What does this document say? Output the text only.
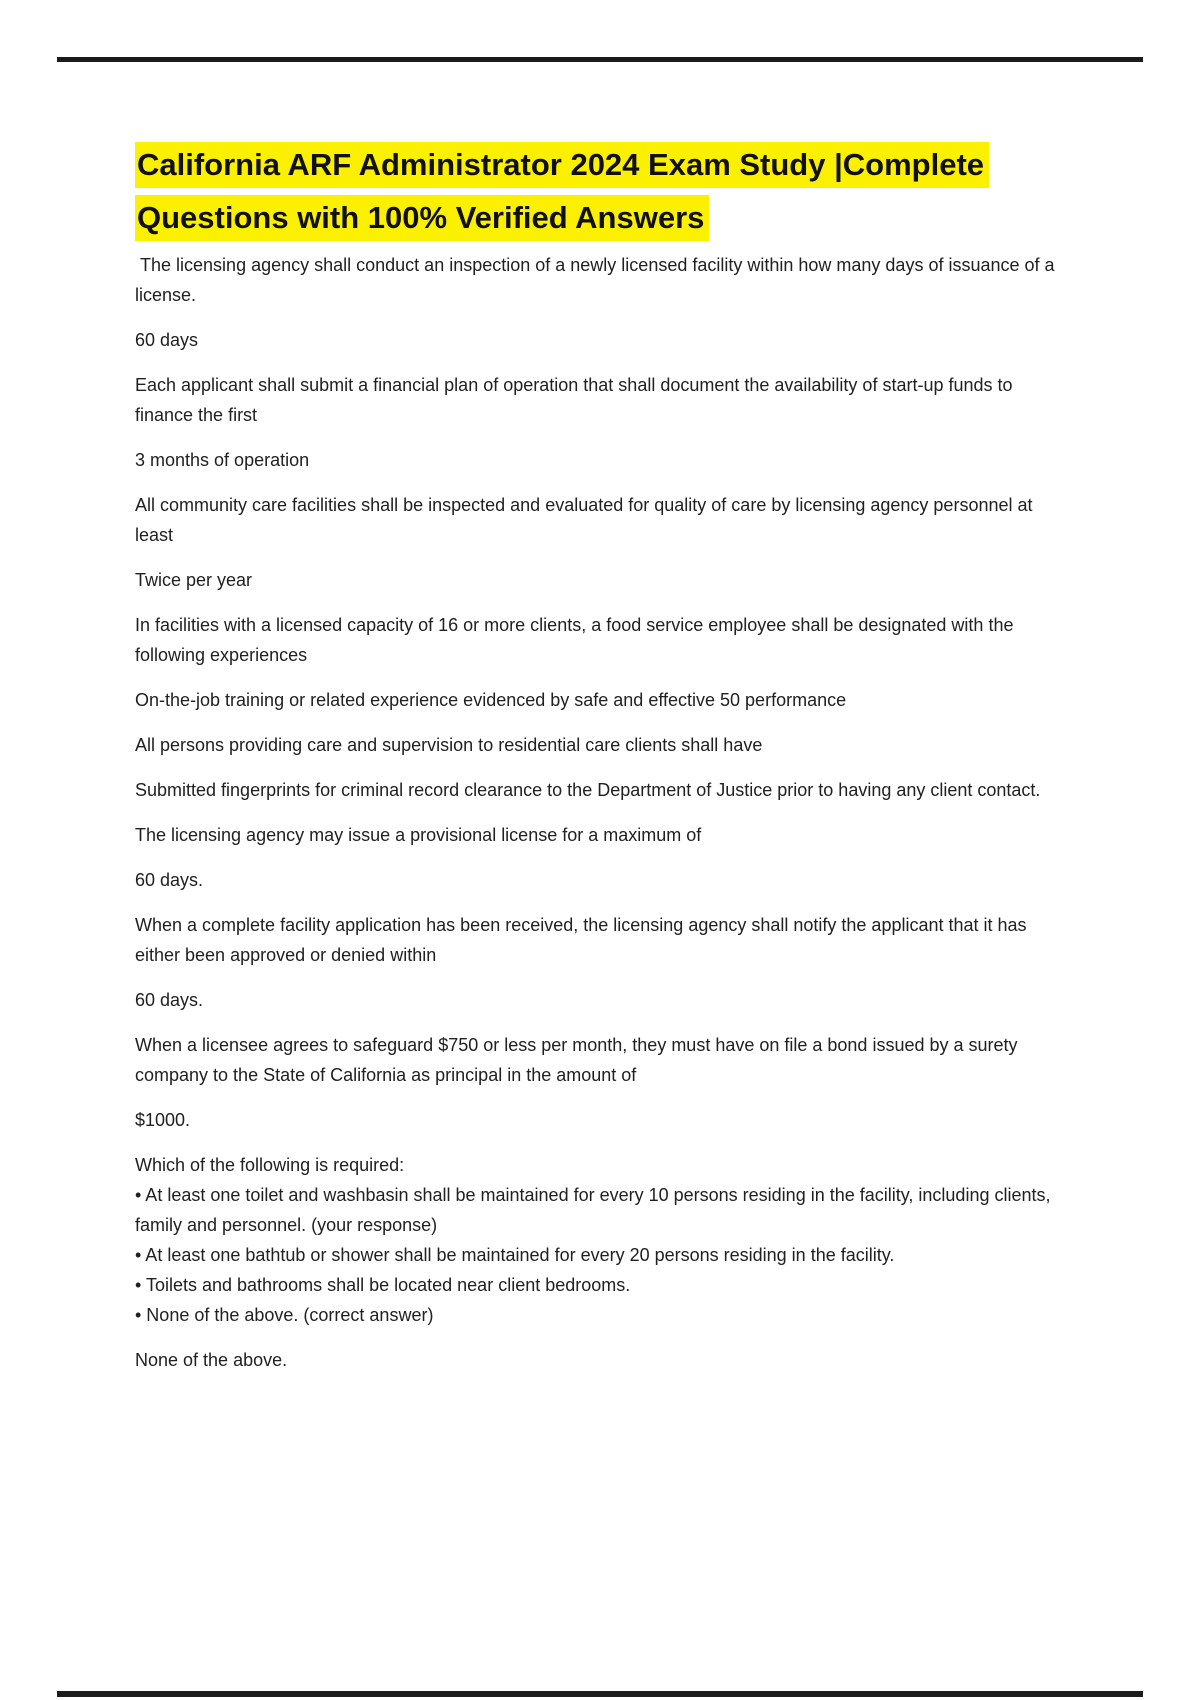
California ARF Administrator 2024 Exam Study |Complete
Questions with 100% Verified Answers
The licensing agency shall conduct an inspection of a newly licensed facility within how many days of issuance of a license.
60 days
Each applicant shall submit a financial plan of operation that shall document the availability of start-up funds to finance the first
3 months of operation
All community care facilities shall be inspected and evaluated for quality of care by licensing agency personnel at least
Twice per year
In facilities with a licensed capacity of 16 or more clients, a food service employee shall be designated with the following experiences
On-the-job training or related experience evidenced by safe and effective 50 performance
All persons providing care and supervision to residential care clients shall have
Submitted fingerprints for criminal record clearance to the Department of Justice prior to having any client contact.
The licensing agency may issue a provisional license for a maximum of
60 days.
When a complete facility application has been received, the licensing agency shall notify the applicant that it has either been approved or denied within
60 days.
When a licensee agrees to safeguard $750 or less per month, they must have on file a bond issued by a surety company to the State of California as principal in the amount of
$1000.
Which of the following is required:
• At least one toilet and washbasin shall be maintained for every 10 persons residing in the facility, including clients, family and personnel. (your response)
• At least one bathtub or shower shall be maintained for every 20 persons residing in the facility.
• Toilets and bathrooms shall be located near client bedrooms.
• None of the above. (correct answer)
None of the above.
